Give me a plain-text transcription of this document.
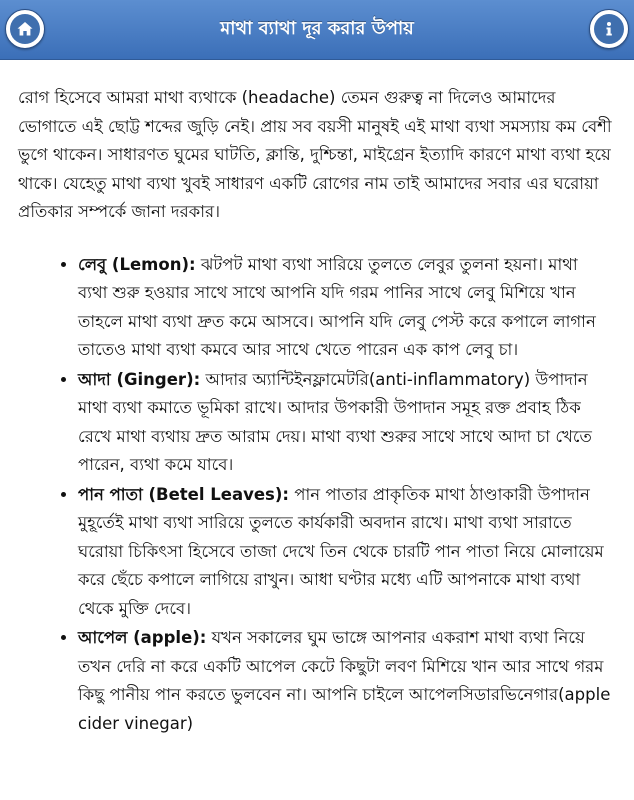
মাথা ব্যাথা দূর করার উপায়

রোগ হিসেবে আমরা মাথা ব্যথাকে (headache) তেমন গুরুত্ব না দিলেও আমাদের ভোগাতে এই ছোট্ট শব্দের জুড়ি নেই। প্রায় সব বয়সী মানুষই এই মাথা ব্যথা সমস্যায় কম বেশী ভুগে থাকেন। সাধারণত ঘুমের ঘাটতি, ক্লান্তি, দুশ্চিন্তা, মাইগ্রেন ইত্যাদি কারণে মাথা ব্যথা হয়ে থাকে। যেহেতু মাথা ব্যথা খুবই সাধারণ একটি রোগের নাম তাই আমাদের সবার এর ঘরোয়া প্রতিকার সম্পর্কে জানা দরকার।

• লেবু (Lemon): ঝটপট মাথা ব্যথা সারিয়ে তুলতে লেবুর তুলনা হয়না। মাথা ব্যথা শুরু হওয়ার সাথে সাথে আপনি যদি গরম পানির সাথে লেবু মিশিয়ে খান তাহলে মাথা ব্যথা দ্রুত কমে আসবে। আপনি যদি লেবু পেস্ট করে কপালে লাগান তাতেও মাথা ব্যথা কমবে আর সাথে খেতে পারেন এক কাপ লেবু চা।
• আদা (Ginger): আদার অ্যান্টিইনফ্লামেটরি(anti-inflammatory) উপাদান মাথা ব্যথা কমাতে ভূমিকা রাখে। আদার উপকারী উপাদান সমূহ রক্ত প্রবাহ ঠিক রেখে মাথা ব্যথায় দ্রুত আরাম দেয়। মাথা ব্যথা শুরুর সাথে সাথে আদা চা খেতে পারেন, ব্যথা কমে যাবে।
• পান পাতা (Betel Leaves): পান পাতার প্রাকৃতিক মাথা ঠাণ্ডাকারী উপাদান মুহূর্তেই মাথা ব্যথা সারিয়ে তুলতে কার্যকারী অবদান রাখে। মাথা ব্যথা সারাতে ঘরোয়া চিকিৎসা হিসেবে তাজা দেখে তিন থেকে চারটি পান পাতা নিয়ে মোলায়েম করে ছেঁচে কপালে লাগিয়ে রাখুন। আধা ঘণ্টার মধ্যে এটি আপনাকে মাথা ব্যথা থেকে মুক্তি দেবে।
• আপেল (apple): যখন সকালের ঘুম ভাঙ্গে আপনার একরাশ মাথা ব্যথা নিয়ে তখন দেরি না করে একটি আপেল কেটে কিছুটা লবণ মিশিয়ে খান আর সাথে গরম কিছু পানীয় পান করতে ভুলবেন না। আপনি চাইলে আপেলসিডারভিনেগার(apple cider vinegar)
